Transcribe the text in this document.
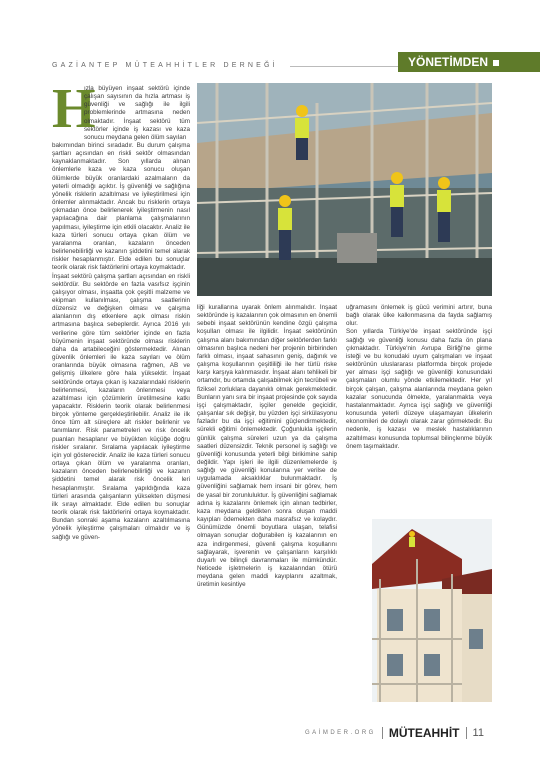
GAZİANTEP MÜTEAHHİTLER DERNEĞİ	YÖNETİMDEN
H

ızla büyüyen inşaat sektörü içinde çalışan sayısının da hızla artması iş güvenliği ve sağlığı ile ilgili problemlerinde artmasına neden olmaktadır. İnşaat sektörü tüm sektörler içinde iş kazası ve kaza sonucu meydana gelen ölüm sayıları

bakımından birinci sıradadır. Bu durum çalışma şartları açısından en riskli sektör olmasından kaynaklanmaktadır. Son yıllarda alınan önlemlerle kaza ve kaza sonucu oluşan ölümlerde büyük oranlardaki azalmaların da yeterli olmadığı açıktır. İş güvenliği ve sağlığına yönelik risklerin azaltılması ve iyileştirilmesi için önlemler alınmaktadır. Ancak bu risklerin ortaya çıkmadan önce belirlenerek iyileştirmenin nasıl yapılacağına dair planlama çalışmalarının yapılması, iyileştirme için etkili olacaktır. Analiz ile kaza türleri sonucu ortaya çıkan ölüm ve yaralanma oranları, kazaların önceden belirlenebilirliği ve kazanın şiddetini temel alarak riskler hesaplanmıştır. Elde edilen bu sonuçlar teorik olarak risk faktörlerini ortaya koymaktadır.

İnşaat sektörü çalışma şartları açısından en riskli sektördür. Bu sektörde en fazla vasıfsız işçinin çalışıyor olması, inşaatta çok çeşitli malzeme ve ekipman kullanılması, çalışma saatlerinin düzensiz ve değişken olması ve çalışma alanlarının dış etkenlere açık olması riskin artmasına başlıca sebeplerdir. Ayrıca 2016 yılı verilerine göre tüm sektörler içinde en fazla büyümenin inşaat sektöründe olması risklerin daha da artabileceğini göstermektedir. Alınan güvenlik önlemleri ile kaza sayıları ve ölüm oranlarında büyük olmasına rağmen, AB ve gelişmiş ülkelere göre hala yüksektir. İnşaat sektöründe ortaya çıkan iş kazalarındaki risklerin belirlenmesi, kazaların önlenmesi veya azaltılması için çözümlerin üretilmesine katkı yapacaktır. Risklerin teorik olarak belirlenmesi birçok yönteme gerçekleştirilebilir. Analiz ile ilk önce tüm alt süreçlere alt riskler belirlenir ve tanımlanır. Risk parametreleri ve risk öncelik puanları hesaplanır ve büyükten küçüğe doğru riskler sıralanır. Sıralama yapılacak iyileştirme için yol gösterecidir. Analiz ile kaza türleri sonucu ortaya çıkan ölüm ve yaralanma oranları, kazaların önceden belirlenebilirliği ve kazanın şiddetini temel alarak risk öncelik leri hesaplanmıştır. Sıralama yapıldığında kaza türleri arasında çalışanların yüksekten düşmesi ilk sırayı almaktadır. Elde edilen bu sonuçlar teorik olarak risk faktörlerini ortaya koymaktadır. Bundan sonraki aşama kazaların azaltılmasına yönelik iyileştirme çalışmaları olmalıdır ve iş sağlığı ve güven-

liği kurallarına uyarak önlem alınmalıdır. İnşaat sektöründe iş kazalarının çok olmasının en önemli sebebi inşaat sektörünün kendine özgü çalışma koşulları olması ile ilgilidir. İnşaat sektörünün çalışma alanı bakımından diğer sektörlerden farklı olmasının başlıca nedeni her projenin birbirinden farklı olması, inşaat sahasının geniş, dağınık ve çalışma koşullarının çeşitliliği ile her türlü riske karşı karşıya kalınmasıdır. İnşaat alanı tehlikeli bir ortamdır, bu ortamda çalışabilmek için tecrübeli ve fiziksel zorluklara dayanıklı olmak gerekmektedir. Bunların yanı sıra bir inşaat projesinde çok sayıda işçi çalışmaktadır, işçiler genelde geçicidir, çalışanlar sık değişir, bu yüzden işçi sirkülasyonu fazladır bu da işçi eğitimini güçlendirmektedir, sürekli eğitimi önlemektedir. Çoğunlukla işçilerin günlük çalışma süreleri uzun ya da çalışma saatleri düzensizdir. Teknik personel iş sağlığı ve güvenliği konusunda yeterli bilgi birikimine sahip değildir. Yapı işleri ile ilgili düzenlemelerde iş sağlığı ve güvenliği konularına yer verilse de uygulamada aksaklıklar bulunmaktadır. İş güvenliğini sağlamak hem insani bir görev, hem de yasal bir zorunluluktur. İş güvenliğini sağlamak adına iş kazalarını önlemek için alınan tedbirler, kaza meydana geldikten sonra oluşan maddi kayıpları ödemekten daha masrafsız ve kolaydır. Günümüzde önemli boyutlara ulaşan, telafisi olmayan sonuçlar doğurabilen iş kazalarının en aza indirgenmesi, güvenli çalışma koşullarını sağlayarak, işverenin ve çalışanların karşılıklı duyarlı ve bilinçli davranmaları ile mümkündür. Neticede işletmelerin iş kazalarından ötürü meydana gelen maddi kayıplarını azaltmak, üretimin kesintiye

uğramasını önlemek iş gücü verimini artırır, buna bağlı olarak ülke kalkınmasına da fayda sağlamış olur.

Son yıllarda Türkiye'de inşaat sektöründe işçi sağlığı ve güvenliği konusu daha fazla ön plana çıkmaktadır. Türkiye'nin Avrupa Birliği'ne girme isteği ve bu konudaki uyum çalışmaları ve inşaat sektörünün uluslararası platformda birçok projede yer alması işçi sağlığı ve güvenliği konusundaki çalışmaları olumlu yönde etkilemektedir. Her yıl birçok çalışan, çalışma alanlarında meydana gelen kazalar sonucunda ölmekte, yaralanmakta veya hastalanmaktadır. Ayrıca işçi sağlığı ve güvenliği konusunda yeterli düzeye ulaşamayan ülkelerin ekonomileri de dolaylı olarak zarar görmektedir. Bu nedenle, iş kazası ve meslek hastalıklarının azaltılması konusunda toplumsal bilinçlenme büyük önem taşımaktadır.

GAİMDER.ORG MÜTEAHHİT 11
